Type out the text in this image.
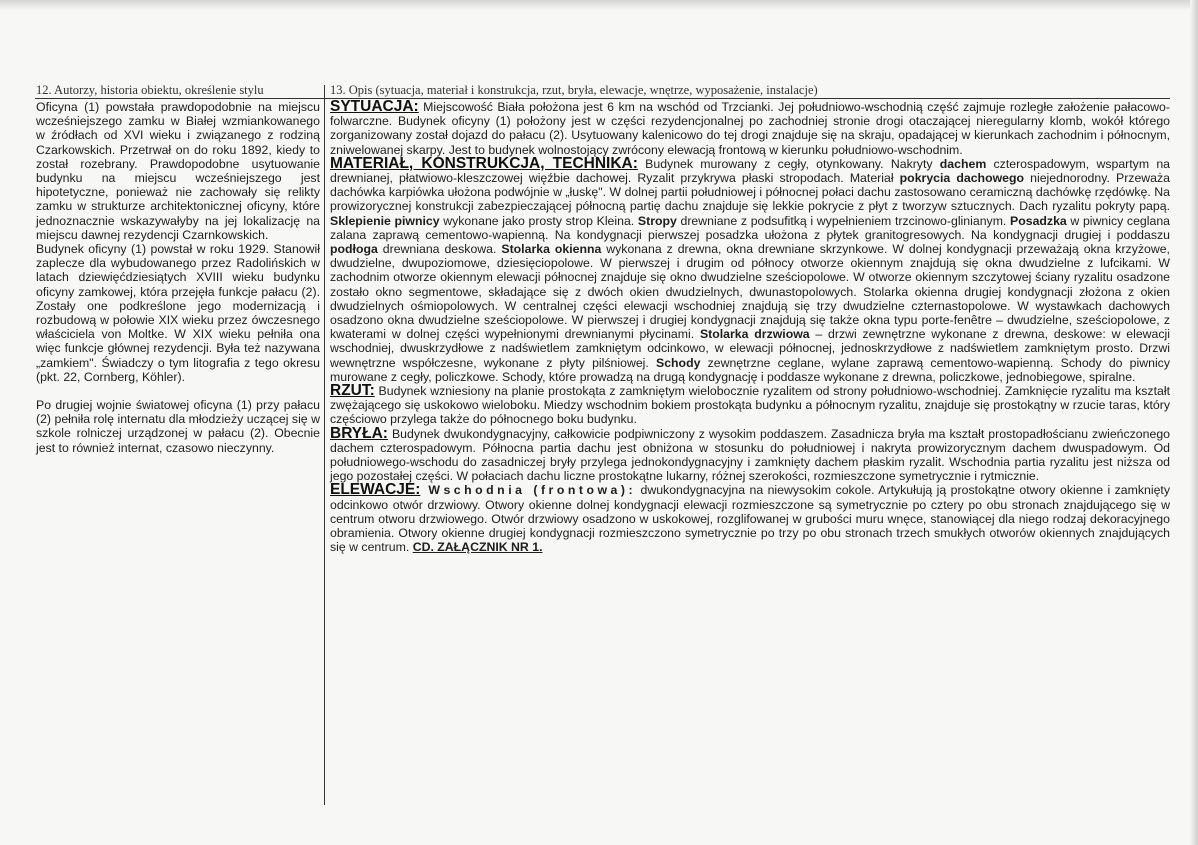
12. Autorzy, historia obiektu, określenie stylu	13. Opis (sytuacja, materiał i konstrukcja, rzut, bryła, elewacje, wnętrze, wyposażenie, instalacje)

Oficyna (1) powstała prawdopodobnie na miejscu wcześniejszego zamku w Białej wzmiankowanego w źródłach od XVI wieku i związanego z rodziną Czarkowskich. Przetrwał on do roku 1892, kiedy to został rozebrany. Prawdopodobne usytuowanie budynku na miejscu wcześniejszego jest hipotetyczne, ponieważ nie zachowały się relikty zamku w strukturze architektonicznej oficyny, które jednoznacznie wskazywałyby na jej lokalizację na miejscu dawnej rezydencji Czarnkowskich.

Budynek oficyny (1) powstał w roku 1929. Stanowił zaplecze dla wybudowanego przez Radolińskich w latach dziewięćdziesiątych XVIII wieku budynku oficyny zamkowej, która przejęła funkcje pałacu (2). Zostały one podkreślone jego modernizacją i rozbudową w połowie XIX wieku przez ówczesnego właściciela von Moltke. W XIX wieku pełniła ona więc funkcje głównej rezydencji. Była też nazywana „zamkiem". Świadczy o tym litografia z tego okresu (pkt. 22, Cornberg, Köhler).

Po drugiej wojnie światowej oficyna (1) przy pałacu (2) pełniła rolę internatu dla młodzieży uczącej się w szkole rolniczej urządzonej w pałacu (2). Obecnie jest to również internat, czasowo nieczynny.

SYTUACJA: Miejscowość Biała położona jest 6 km na wschód od Trzcianki. Jej południowo-wschodnią część zajmuje rozległe założenie pałacowo-folwarczne. Budynek oficyny (1) położony jest w części rezydencjonalnej po zachodniej stronie drogi otaczającej nieregularny klomb, wokół którego zorganizowany został dojazd do pałacu (2). Usytuowany kalenicowo do tej drogi znajduje się na skraju, opadającej w kierunkach zachodnim i północnym, zniwelowanej skarpy. Jest to budynek wolnostojący zwrócony elewacją frontową w kierunku południowo-wschodnim.

MATERIAŁ, KONSTRUKCJA, TECHNIKA: Budynek murowany z cegły, otynkowany. Nakryty dachem czterospadowym, wspartym na drewnianej, płatwiowo-kleszczowej więźbie dachowej. Ryzalit przykrywa płaski stropodach. Materiał pokrycia dachowego niejednorodny. Przeważa dachówka karpiówka ułożona podwójnie w „łuskę". W dolnej partii południowej i północnej połaci dachu zastosowano ceramiczną dachówkę rzędówkę. Na prowizorycznej konstrukcji zabezpieczającej północną partię dachu znajduje się lekkie pokrycie z płyt z tworzyw sztucznych. Dach ryzalitu pokryty papą. Sklepienie piwnicy wykonane jako prosty strop Kleina. Stropy drewniane z podsufitką i wypełnieniem trzcinowo-glinianym. Posadzka w piwnicy ceglana zalana zaprawą cementowo-wapienną. Na kondygnacji pierwszej posadzka ułożona z płytek granitogresowych. Na kondygnacji drugiej i poddaszu podłoga drewniana deskowa. Stolarka okienna wykonana z drewna, okna drewniane skrzynkowe. W dolnej kondygnacji przeważają okna krzyżowe, dwudzielne, dwupoziomowe, dziesięciopolowe. W pierwszej i drugim od północy otworze okiennym znajdują się okna dwudzielne z lufcikami. W zachodnim otworze okiennym elewacji północnej znajduje się okno dwudzielne sześciopolowe. W otworze okiennym szczytowej ściany ryzalitu osadzone zostało okno segmentowe, składające się z dwóch okien dwudzielnych, dwunastopolowych. Stolarka okienna drugiej kondygnacji złożona z okien dwudzielnych ośmiopolowych. W centralnej części elewacji wschodniej znajdują się trzy dwudzielne czternastopolowe. W wystawkach dachowych osadzono okna dwudzielne sześciopolowe. W pierwszej i drugiej kondygnacji znajdują się także okna typu porte-fenêtre – dwudzielne, sześciopolowe, z kwaterami w dolnej części wypełnionymi drewnianymi płycinami. Stolarka drzwiowa – drzwi zewnętrzne wykonane z drewna, deskowe: w elewacji wschodniej, dwuskrzydłowe z nadświetlem zamkniętym odcinkowo, w elewacji północnej, jednoskrzydłowe z nadświetlem zamkniętym prosto. Drzwi wewnętrzne współczesne, wykonane z płyty pilśniowej. Schody zewnętrzne ceglane, wylane zaprawą cementowo-wapienną. Schody do piwnicy murowane z cegły, policzkowe. Schody, które prowadzą na drugą kondygnację i poddasze wykonane z drewna, policzkowe, jednobiegowe, spiralne.

RZUT: Budynek wzniesiony na planie prostokąta z zamkniętym wielobocznie ryzalitem od strony południowo-wschodniej. Zamknięcie ryzalitu ma kształt zwężającego się uskokowo wieloboku. Miedzy wschodnim bokiem prostokąta budynku a północnym ryzalitu, znajduje się prostokątny w rzucie taras, który częściowo przylega także do północnego boku budynku.

BRYŁA: Budynek dwukondygnacyjny, całkowicie podpiwniczony z wysokim poddaszem. Zasadnicza bryła ma kształt prostopadłościanu zwieńczonego dachem czterospadowym. Północna partia dachu jest obniżona w stosunku do południowej i nakryta prowizorycznym dachem dwuspadowym. Od południowego-wschodu do zasadniczej bryły przylega jednokondygnacyjny i zamknięty dachem płaskim ryzalit. Wschodnia partia ryzalitu jest niższa od jego pozostałej części. W połaciach dachu liczne prostokątne lukarny, różnej szerokości, rozmieszczone symetrycznie i rytmicznie.

ELEWACJE: Wschodnia (frontowa): dwukondygnacyjna na niewysokim cokole. Artykułują ją prostokątne otwory okienne i zamknięty odcinkowo otwór drzwiowy. Otwory okienne dolnej kondygnacji elewacji rozmieszczone są symetrycznie po cztery po obu stronach znajdującego się w centrum otworu drzwiowego. Otwór drzwiowy osadzono w uskokowej, rozglifowanej w grubości muru wnęce, stanowiącej dla niego rodzaj dekoracyjnego obramienia. Otwory okienne drugiej kondygnacji rozmieszczono symetrycznie po trzy po obu stronach trzech smukłych otworów okiennych znajdujących się w centrum. CD. ZAŁĄCZNIK NR 1.
